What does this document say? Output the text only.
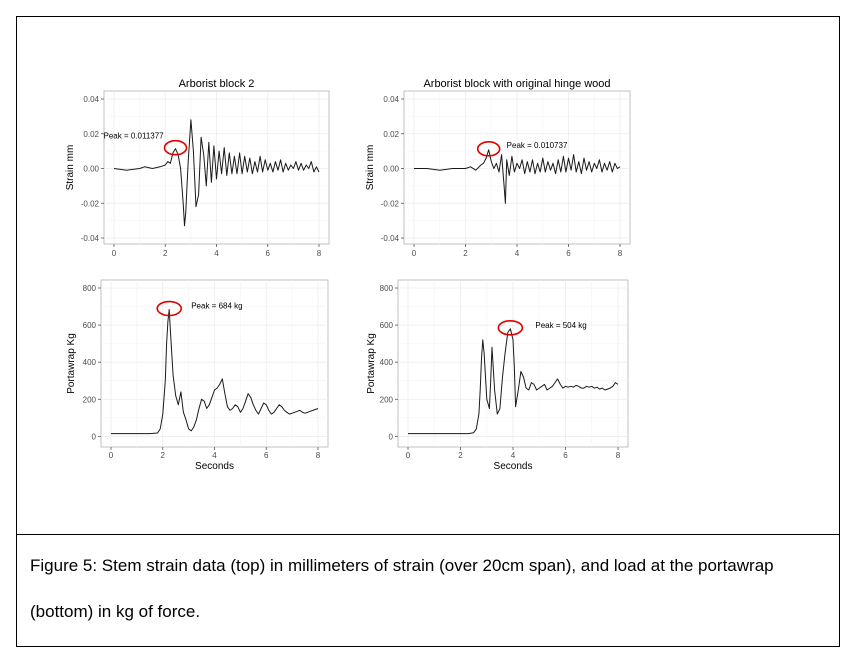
-0.04
-0.02
0.00
0.02
0.04
0	2	4	6	8
Arborist block 2
Strain mm
Peak = 0.011377
-0.04
-0.02
0.00
0.02
0.04
0	2	4	6	8
Arborist block with original hinge wood
Strain mm	Peak = 0.010737
0
200
400
600
800
0	2	4	6	8
Portawrap Kg
Seconds
Peak = 684 kg
0
200
400
600
800
0	2	4	6	8
Portawrap Kg
Seconds
Peak = 504 kg
Figure 5: Stem strain data (top) in millimeters of strain (over 20cm span), and load at the portawrap
(bottom) in kg of force.
